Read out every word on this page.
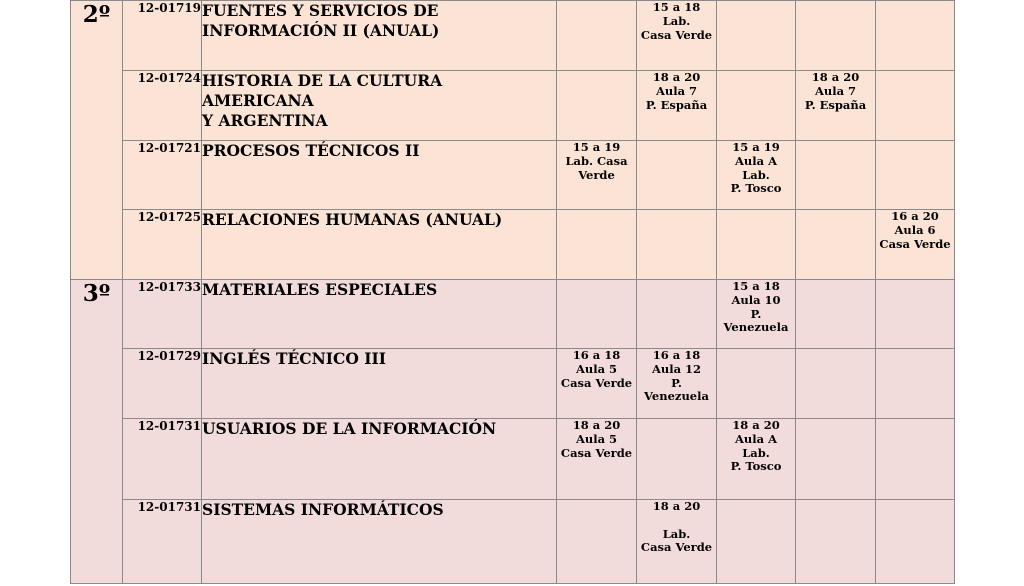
2º	12-01719	FUENTES Y SERVICIOS DE
INFORMACIÓN II (ANUAL)		15 a 18
Lab.
Casa Verde			
	12-01724	HISTORIA DE LA CULTURA
AMERICANA
Y ARGENTINA		18 a 20
Aula 7
P. España		18 a 20
Aula 7
P. España	
	12-01721	PROCESOS TÉCNICOS II	15 a 19
Lab. Casa
Verde		15 a 19
Aula A
Lab.
P. Tosco		
	12-01725	RELACIONES HUMANAS (ANUAL)					16 a 20
Aula 6
Casa Verde
3º	12-01733	MATERIALES ESPECIALES			15 a 18
Aula 10
P.
Venezuela		
	12-01729	INGLÉS TÉCNICO III	16 a 18
Aula 5
Casa Verde	16 a 18
Aula 12
P.
Venezuela			
	12-01731	USUARIOS DE LA INFORMACIÓN	18 a 20
Aula 5
Casa Verde		18 a 20
Aula A
Lab.
P. Tosco		
	12-01731	SISTEMAS INFORMÁTICOS		18 a 20

Lab.
Casa Verde			
